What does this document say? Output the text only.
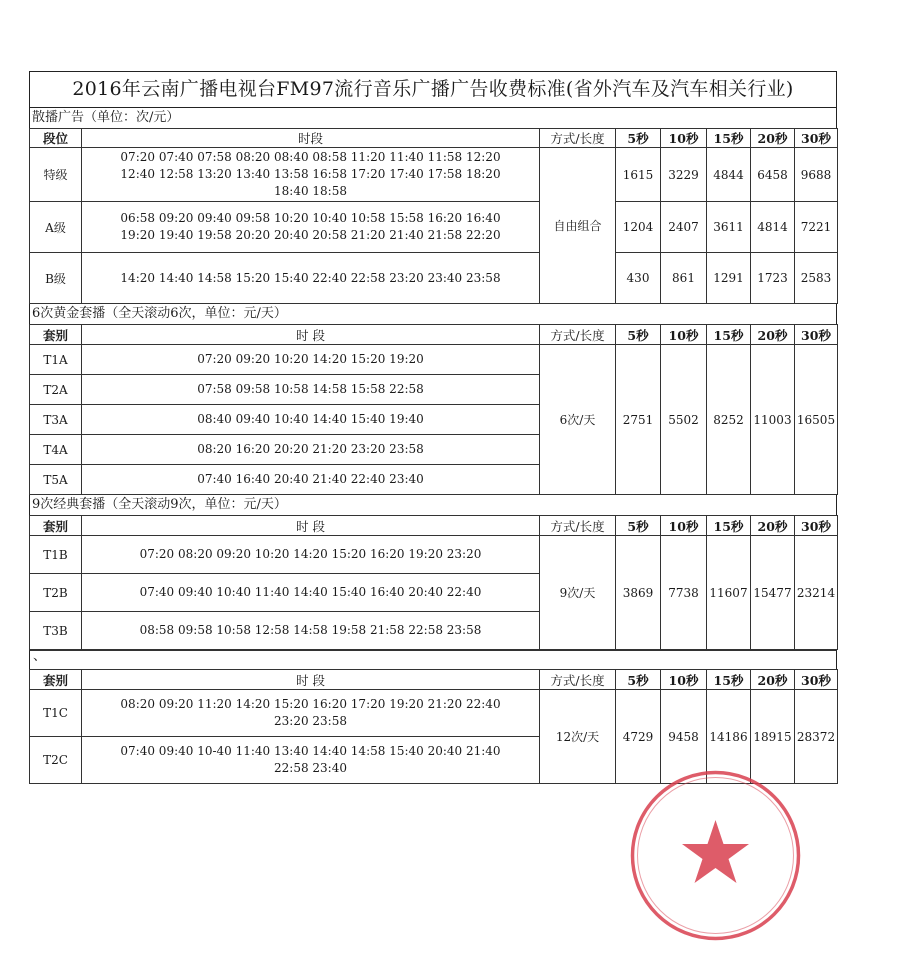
2016年云南广播电视台FM97流行音乐广播广告收费标准(省外汽车及汽车相关行业)
散播广告（单位：次/元）
段位	时段	方式/长度	5秒	10秒	15秒	20秒	30秒
特级	07:20 07:40 07:58 08:20 08:40 08:58 11:20 11:40 11:58 12:20
12:40 12:58 13:20 13:40 13:58 16:58 17:20 17:40 17:58 18:20
18:40 18:58	自由组合	1615	3229	4844	6458	9688
A级	06:58 09:20 09:40 09:58 10:20 10:40 10:58 15:58 16:20 16:40
19:20 19:40 19:58 20:20 20:40 20:58 21:20 21:40 21:58 22:20		1204	2407	3611	4814	7221
B级	14:20 14:40 14:58 15:20 15:40 22:40 22:58 23:20 23:40 23:58		430	861	1291	1723	2583
6次黄金套播（全天滚动6次，单位：元/天）
套别	时 段	方式/长度	5秒	10秒	15秒	20秒	30秒
T1A	07:20 09:20 10:20 14:20 15:20 19:20	6次/天	2751	5502	8252	11003	16505
T2A	07:58 09:58 10:58 14:58 15:58 22:58						
T3A	08:40 09:40 10:40 14:40 15:40 19:40						
T4A	08:20 16:20 20:20 21:20 23:20 23:58						
T5A	07:40 16:40 20:40 21:40 22:40 23:40						
9次经典套播（全天滚动9次，单位：元/天）
套别	时 段	方式/长度	5秒	10秒	15秒	20秒	30秒
T1B	07:20 08:20 09:20 10:20 14:20 15:20 16:20 19:20 23:20	9次/天	3869	7738	11607	15477	23214
T2B	07:40 09:40 10:40 11:40 14:40 15:40 16:40 20:40 22:40						
T3B	08:58 09:58 10:58 12:58 14:58 19:58 21:58 22:58 23:58						
、
套别	时 段	方式/长度	5秒	10秒	15秒	20秒	30秒
T1C	08:20 09:20 11:20 14:20 15:20 16:20 17:20 19:20 21:20 22:40
23:20 23:58	12次/天	4729	9458	14186	18915	28372
T2C	07:40 09:40 10-40 11:40 13:40 14:40 14:58 15:40 20:40 21:40
22:58 23:40						
